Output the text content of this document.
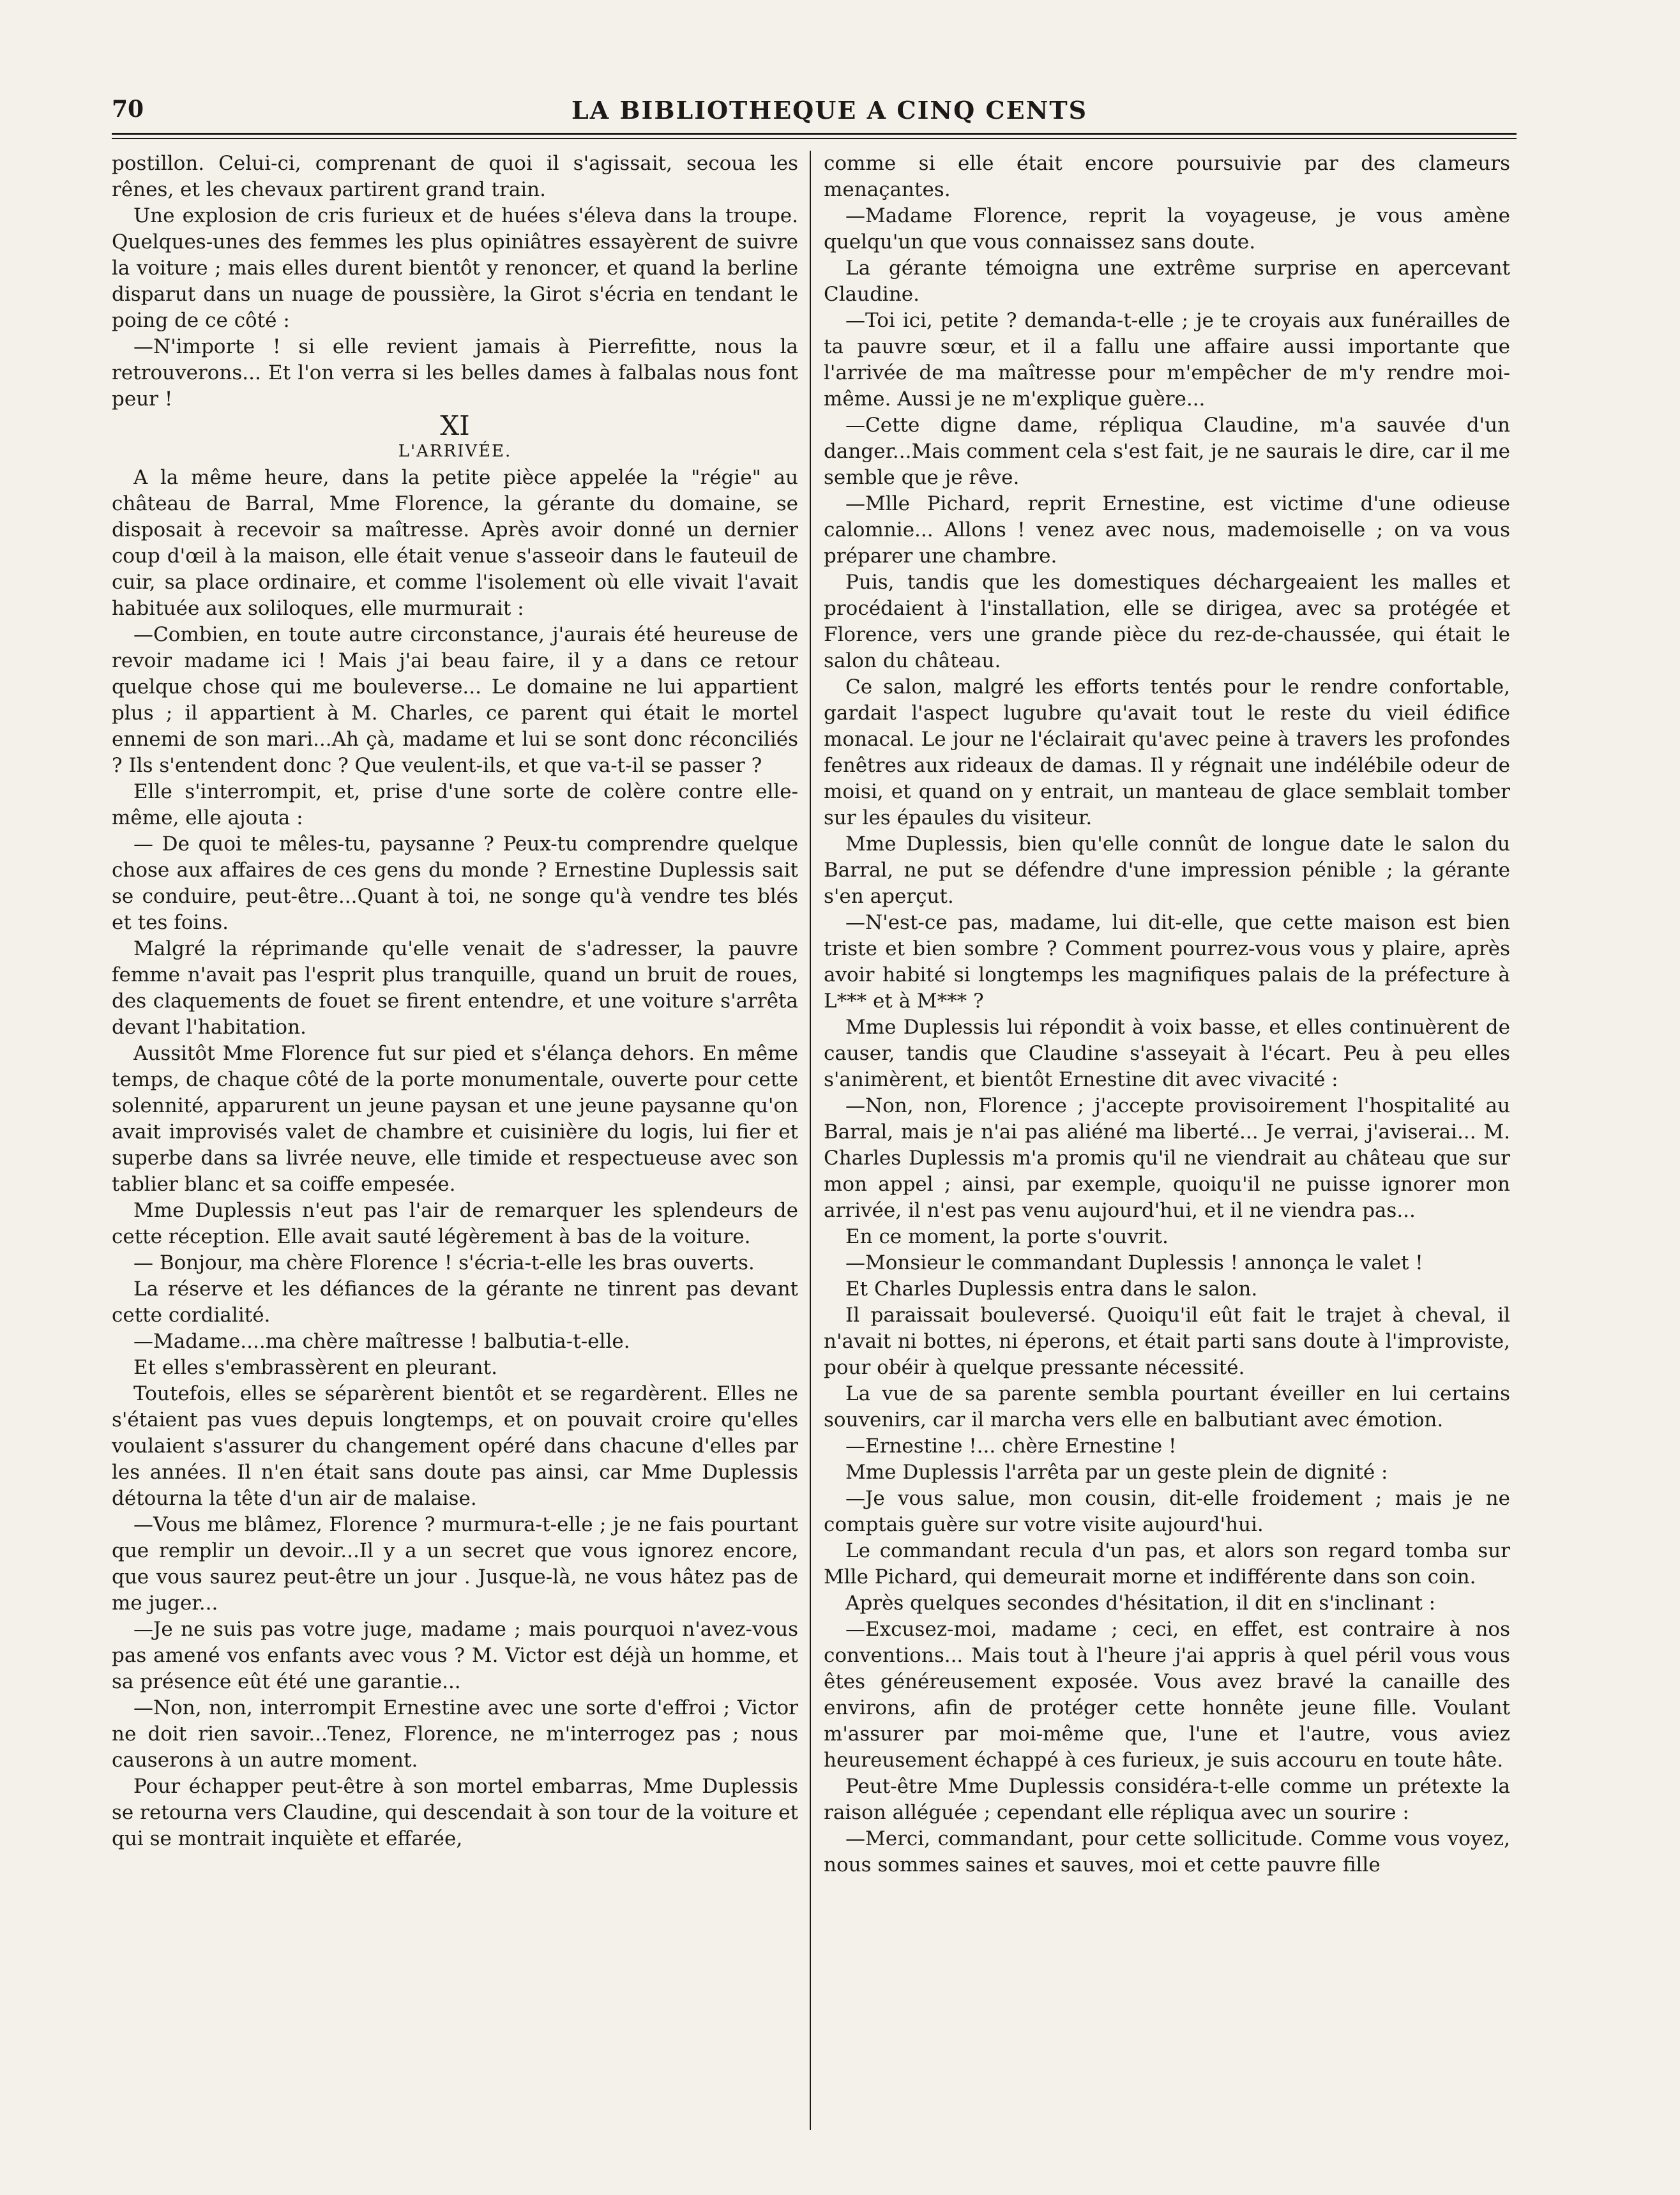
70	LA BIBLIOTHEQUE A CINQ CENTS

postillon. Celui-ci, comprenant de quoi il s'agissait, secoua les rênes, et les chevaux partirent grand train.

Une explosion de cris furieux et de huées s'éleva dans la troupe. Quelques-unes des femmes les plus opiniâtres essayèrent de suivre la voiture ; mais elles durent bientôt y renoncer, et quand la berline disparut dans un nuage de poussière, la Girot s'écria en tendant le poing de ce côté :

—N'importe ! si elle revient jamais à Pierrefitte, nous la retrouverons... Et l'on verra si les belles dames à falbalas nous font peur !

XI

L'ARRIVÉE.

A la même heure, dans la petite pièce appelée la "régie" au château de Barral, Mme Florence, la gérante du domaine, se disposait à recevoir sa maîtresse. Après avoir donné un dernier coup d'œil à la maison, elle était venue s'asseoir dans le fauteuil de cuir, sa place ordinaire, et comme l'isolement où elle vivait l'avait habituée aux soliloques, elle murmurait :

—Combien, en toute autre circonstance, j'aurais été heureuse de revoir madame ici ! Mais j'ai beau faire, il y a dans ce retour quelque chose qui me bouleverse... Le domaine ne lui appartient plus ; il appartient à M. Charles, ce parent qui était le mortel ennemi de son mari...Ah çà, madame et lui se sont donc réconciliés ? Ils s'entendent donc ? Que veulent-ils, et que va-t-il se passer ?

Elle s'interrompit, et, prise d'une sorte de colère contre elle-même, elle ajouta :

— De quoi te mêles-tu, paysanne ? Peux-tu comprendre quelque chose aux affaires de ces gens du monde ? Ernestine Duplessis sait se conduire, peut-être...Quant à toi, ne songe qu'à vendre tes blés et tes foins.

Malgré la réprimande qu'elle venait de s'adresser, la pauvre femme n'avait pas l'esprit plus tranquille, quand un bruit de roues, des claquements de fouet se firent entendre, et une voiture s'arrêta devant l'habitation.

Aussitôt Mme Florence fut sur pied et s'élança dehors. En même temps, de chaque côté de la porte monumentale, ouverte pour cette solennité, apparurent un jeune paysan et une jeune paysanne qu'on avait improvisés valet de chambre et cuisinière du logis, lui fier et superbe dans sa livrée neuve, elle timide et respectueuse avec son tablier blanc et sa coiffe empesée.

Mme Duplessis n'eut pas l'air de remarquer les splendeurs de cette réception. Elle avait sauté légèrement à bas de la voiture.

— Bonjour, ma chère Florence ! s'écria-t-elle les bras ouverts.

La réserve et les défiances de la gérante ne tinrent pas devant cette cordialité.

—Madame....ma chère maîtresse ! balbutia-t-elle.

Et elles s'embrassèrent en pleurant.

Toutefois, elles se séparèrent bientôt et se regardèrent. Elles ne s'étaient pas vues depuis longtemps, et on pouvait croire qu'elles voulaient s'assurer du changement opéré dans chacune d'elles par les années. Il n'en était sans doute pas ainsi, car Mme Duplessis détourna la tête d'un air de malaise.

—Vous me blâmez, Florence ? murmura-t-elle ; je ne fais pourtant que remplir un devoir...Il y a un secret que vous ignorez encore, que vous saurez peut-être un jour . Jusque-là, ne vous hâtez pas de me juger...

—Je ne suis pas votre juge, madame ; mais pourquoi n'avez-vous pas amené vos enfants avec vous ? M. Victor est déjà un homme, et sa présence eût été une garantie...

—Non, non, interrompit Ernestine avec une sorte d'effroi ; Victor ne doit rien savoir...Tenez, Florence, ne m'interrogez pas ; nous causerons à un autre moment.

Pour échapper peut-être à son mortel embarras, Mme Duplessis se retourna vers Claudine, qui descendait à son tour de la voiture et qui se montrait inquiète et effarée,

comme si elle était encore poursuivie par des clameurs menaçantes.

—Madame Florence, reprit la voyageuse, je vous amène quelqu'un que vous connaissez sans doute.

La gérante témoigna une extrême surprise en apercevant Claudine.

—Toi ici, petite ? demanda-t-elle ; je te croyais aux funérailles de ta pauvre sœur, et il a fallu une affaire aussi importante que l'arrivée de ma maîtresse pour m'empêcher de m'y rendre moi-même. Aussi je ne m'explique guère...

—Cette digne dame, répliqua Claudine, m'a sauvée d'un danger...Mais comment cela s'est fait, je ne saurais le dire, car il me semble que je rêve.

—Mlle Pichard, reprit Ernestine, est victime d'une odieuse calomnie... Allons ! venez avec nous, mademoiselle ; on va vous préparer une chambre.

Puis, tandis que les domestiques déchargeaient les malles et procédaient à l'installation, elle se dirigea, avec sa protégée et Florence, vers une grande pièce du rez-de-chaussée, qui était le salon du château.

Ce salon, malgré les efforts tentés pour le rendre confortable, gardait l'aspect lugubre qu'avait tout le reste du vieil édifice monacal. Le jour ne l'éclairait qu'avec peine à travers les profondes fenêtres aux rideaux de damas. Il y régnait une indélébile odeur de moisi, et quand on y entrait, un manteau de glace semblait tomber sur les épaules du visiteur.

Mme Duplessis, bien qu'elle connût de longue date le salon du Barral, ne put se défendre d'une impression pénible ; la gérante s'en aperçut.

—N'est-ce pas, madame, lui dit-elle, que cette maison est bien triste et bien sombre ? Comment pourrez-vous vous y plaire, après avoir habité si longtemps les magnifiques palais de la préfecture à L*** et à M*** ?

Mme Duplessis lui répondit à voix basse, et elles continuèrent de causer, tandis que Claudine s'asseyait à l'écart. Peu à peu elles s'animèrent, et bientôt Ernestine dit avec vivacité :

—Non, non, Florence ; j'accepte provisoirement l'hospitalité au Barral, mais je n'ai pas aliéné ma liberté... Je verrai, j'aviserai... M. Charles Duplessis m'a promis qu'il ne viendrait au château que sur mon appel ; ainsi, par exemple, quoiqu'il ne puisse ignorer mon arrivée, il n'est pas venu aujourd'hui, et il ne viendra pas...

En ce moment, la porte s'ouvrit.

—Monsieur le commandant Duplessis ! annonça le valet !

Et Charles Duplessis entra dans le salon.

Il paraissait bouleversé. Quoiqu'il eût fait le trajet à cheval, il n'avait ni bottes, ni éperons, et était parti sans doute à l'improviste, pour obéir à quelque pressante nécessité.

La vue de sa parente sembla pourtant éveiller en lui certains souvenirs, car il marcha vers elle en balbutiant avec émotion.

—Ernestine !... chère Ernestine !

Mme Duplessis l'arrêta par un geste plein de dignité :

—Je vous salue, mon cousin, dit-elle froidement ; mais je ne comptais guère sur votre visite aujourd'hui.

Le commandant recula d'un pas, et alors son regard tomba sur Mlle Pichard, qui demeurait morne et indifférente dans son coin.

Après quelques secondes d'hésitation, il dit en s'inclinant :

—Excusez-moi, madame ; ceci, en effet, est contraire à nos conventions... Mais tout à l'heure j'ai appris à quel péril vous vous êtes généreusement exposée. Vous avez bravé la canaille des environs, afin de protéger cette honnête jeune fille. Voulant m'assurer par moi-même que, l'une et l'autre, vous aviez heureusement échappé à ces furieux, je suis accouru en toute hâte.

Peut-être Mme Duplessis considéra-t-elle comme un prétexte la raison alléguée ; cependant elle répliqua avec un sourire :

—Merci, commandant, pour cette sollicitude. Comme vous voyez, nous sommes saines et sauves, moi et cette pauvre fille
